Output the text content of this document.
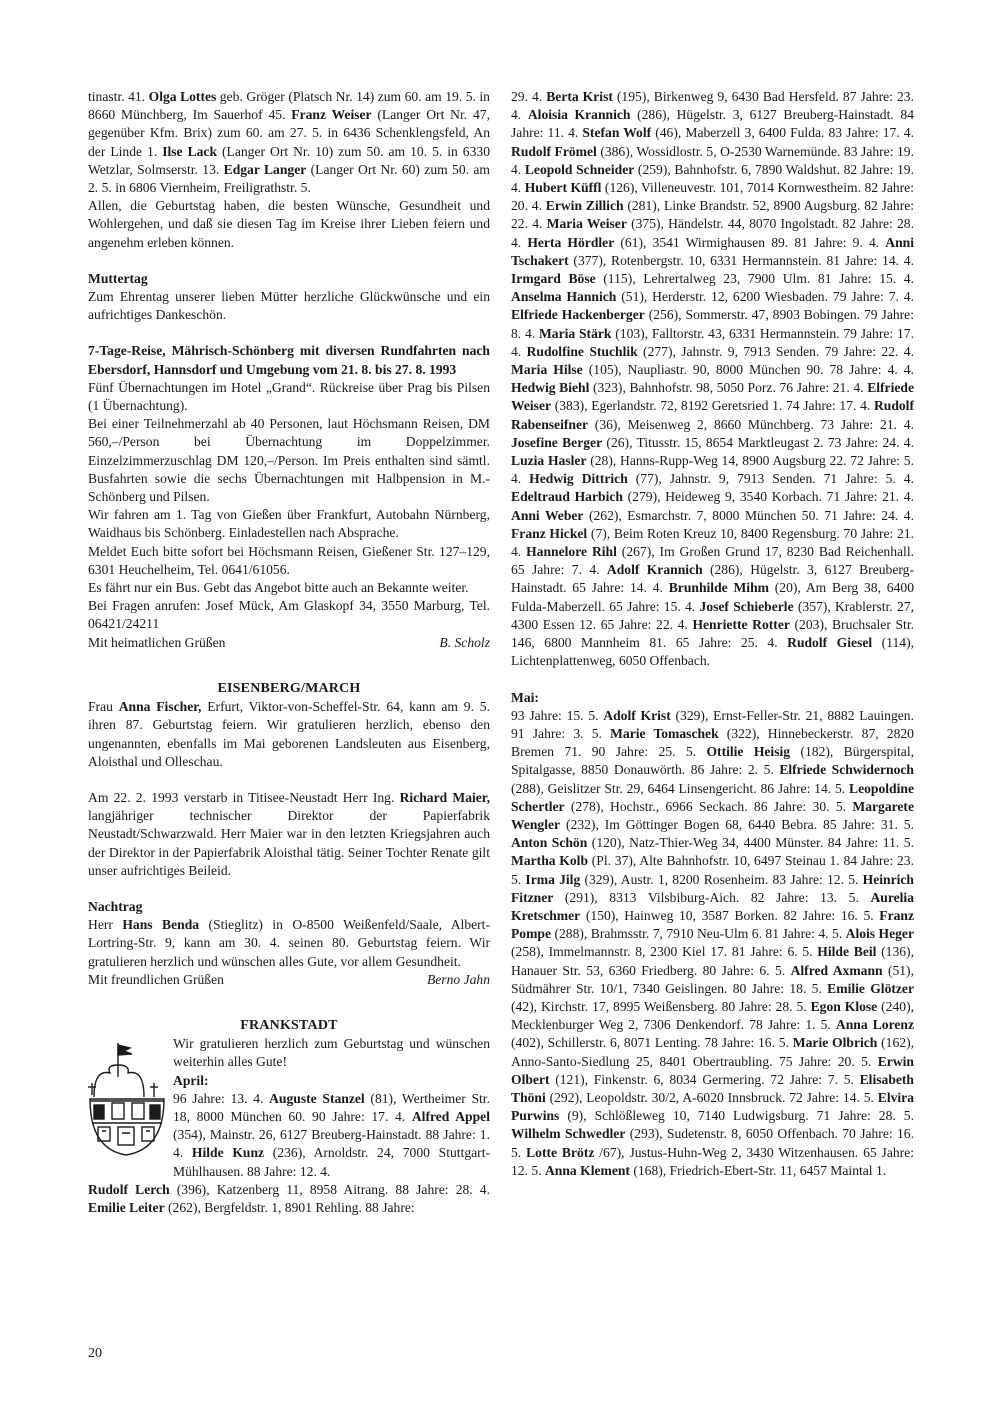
tinastr. 41. Olga Lottes geb. Gröger (Platsch Nr. 14) zum 60. am 19. 5. in 8660 Münchberg, Im Sauerhof 45. Franz Weiser (Langer Ort Nr. 47, gegenüber Kfm. Brix) zum 60. am 27. 5. in 6436 Schenklengsfeld, An der Linde 1. Ilse Lack (Langer Ort Nr. 10) zum 50. am 10. 5. in 6330 Wetzlar, Solmserstr. 13. Edgar Langer (Langer Ort Nr. 60) zum 50. am 2. 5. in 6806 Viernheim, Freiligrathstr. 5.

Allen, die Geburtstag haben, die besten Wünsche, Gesundheit und Wohlergehen, und daß sie diesen Tag im Kreise ihrer Lieben feiern und angenehm erleben können.

Muttertag

Zum Ehrentag unserer lieben Mütter herzliche Glückwünsche und ein aufrichtiges Dankeschön.

7-Tage-Reise, Mährisch-Schönberg mit diversen Rundfahrten nach Ebersdorf, Hannsdorf und Umgebung vom 21. 8. bis 27. 8. 1993

Fünf Übernachtungen im Hotel „Grand“. Rückreise über Prag bis Pilsen (1 Übernachtung).

Bei einer Teilnehmerzahl ab 40 Personen, laut Höchsmann Reisen, DM 560,–/Person bei Übernachtung im Doppelzimmer. Einzelzimmerzuschlag DM 120,–/Person. Im Preis enthalten sind sämtl. Busfahrten sowie die sechs Übernachtungen mit Halbpension in M.-Schönberg und Pilsen.

Wir fahren am 1. Tag von Gießen über Frankfurt, Autobahn Nürnberg, Waidhaus bis Schönberg. Einladestellen nach Absprache.

Meldet Euch bitte sofort bei Höchsmann Reisen, Gießener Str. 127–129, 6301 Heuchelheim, Tel. 0641/61056.

Es fährt nur ein Bus. Gebt das Angebot bitte auch an Bekannte weiter.

Bei Fragen anrufen: Josef Mück, Am Glaskopf 34, 3550 Marburg, Tel. 06421/24211

Mit heimatlichen Grüßen	B. Scholz

EISENBERG/MARCH

Frau Anna Fischer, Erfurt, Viktor-von-Scheffel-Str. 64, kann am 9. 5. ihren 87. Geburtstag feiern. Wir gratulieren herzlich, ebenso den ungenannten, ebenfalls im Mai geborenen Landsleuten aus Eisenberg, Aloisthal und Olleschau.

Am 22. 2. 1993 verstarb in Titisee-Neustadt Herr Ing. Richard Maier, langjähriger technischer Direktor der Papierfabrik Neustadt/Schwarzwald. Herr Maier war in den letzten Kriegsjahren auch der Direktor in der Papierfabrik Aloisthal tätig. Seiner Tochter Renate gilt unser aufrichtiges Beileid.

Nachtrag

Herr Hans Benda (Stieglitz) in O-8500 Weißenfeld/Saale, Albert-Lortring-Str. 9, kann am 30. 4. seinen 80. Geburtstag feiern. Wir gratulieren herzlich und wünschen alles Gute, vor allem Gesundheit.

Mit freundlichen Grüßen	Berno Jahn

FRANKSTADT

Wir gratulieren herzlich zum Geburtstag und wünschen weiterhin alles Gute!

April:

96 Jahre: 13. 4. Auguste Stanzel (81), Wertheimer Str. 18, 8000 München 60. 90 Jahre: 17. 4. Alfred Appel (354), Mainstr. 26, 6127 Breuberg-Hainstadt. 88 Jahre: 1. 4. Hilde Kunz (236), Arnoldstr. 24, 7000 Stuttgart-Mühlhausen. 88 Jahre: 12. 4.

Rudolf Lerch (396), Katzenberg 11, 8958 Aitrang. 88 Jahre: 28. 4. Emilie Leiter (262), Bergfeldstr. 1, 8901 Rehling. 88 Jahre:

29. 4. Berta Krist (195), Birkenweg 9, 6430 Bad Hersfeld. 87 Jahre: 23. 4. Aloisia Krannich (286), Hügelstr. 3, 6127 Breuberg-Hainstadt. 84 Jahre: 11. 4. Stefan Wolf (46), Maberzell 3, 6400 Fulda. 83 Jahre: 17. 4. Rudolf Frömel (386), Wossidlostr. 5, O-2530 Warnemünde. 83 Jahre: 19. 4. Leopold Schneider (259), Bahnhofstr. 6, 7890 Waldshut. 82 Jahre: 19. 4. Hubert Küffl (126), Villeneuvestr. 101, 7014 Kornwestheim. 82 Jahre: 20. 4. Erwin Zillich (281), Linke Brandstr. 52, 8900 Augsburg. 82 Jahre: 22. 4. Maria Weiser (375), Händelstr. 44, 8070 Ingolstadt. 82 Jahre: 28. 4. Herta Hördler (61), 3541 Wirmighausen 89. 81 Jahre: 9. 4. Anni Tschakert (377), Rotenbergstr. 10, 6331 Hermannstein. 81 Jahre: 14. 4. Irmgard Böse (115), Lehrertalweg 23, 7900 Ulm. 81 Jahre: 15. 4. Anselma Hannich (51), Herderstr. 12, 6200 Wiesbaden. 79 Jahre: 7. 4. Elfriede Hackenberger (256), Sommerstr. 47, 8903 Bobingen. 79 Jahre: 8. 4. Maria Stärk (103), Falltorstr. 43, 6331 Hermannstein. 79 Jahre: 17. 4. Rudolfine Stuchlik (277), Jahnstr. 9, 7913 Senden. 79 Jahre: 22. 4. Maria Hilse (105), Naupliastr. 90, 8000 München 90. 78 Jahre: 4. 4. Hedwig Biehl (323), Bahnhofstr. 98, 5050 Porz. 76 Jahre: 21. 4. Elfriede Weiser (383), Egerlandstr. 72, 8192 Geretsried 1. 74 Jahre: 17. 4. Rudolf Rabenseifner (36), Meisenweg 2, 8660 Münchberg. 73 Jahre: 21. 4. Josefine Berger (26), Titusstr. 15, 8654 Marktleugast 2. 73 Jahre: 24. 4. Luzia Hasler (28), Hanns-Rupp-Weg 14, 8900 Augsburg 22. 72 Jahre: 5. 4. Hedwig Dittrich (77), Jahnstr. 9, 7913 Senden. 71 Jahre: 5. 4. Edeltraud Harbich (279), Heideweg 9, 3540 Korbach. 71 Jahre: 21. 4. Anni Weber (262), Esmarchstr. 7, 8000 München 50. 71 Jahre: 24. 4. Franz Hickel (7), Beim Roten Kreuz 10, 8400 Regensburg. 70 Jahre: 21. 4. Hannelore Rihl (267), Im Großen Grund 17, 8230 Bad Reichenhall. 65 Jahre: 7. 4. Adolf Krannich (286), Hügelstr. 3, 6127 Breuberg-Hainstadt. 65 Jahre: 14. 4. Brunhilde Mihm (20), Am Berg 38, 6400 Fulda-Maberzell. 65 Jahre: 15. 4. Josef Schieberle (357), Krablerstr. 27, 4300 Essen 12. 65 Jahre: 22. 4. Henriette Rotter (203), Bruchsaler Str. 146, 6800 Mannheim 81. 65 Jahre: 25. 4. Rudolf Giesel (114), Lichtenplattenweg, 6050 Offenbach.

Mai:

93 Jahre: 15. 5. Adolf Krist (329), Ernst-Feller-Str. 21, 8882 Lauingen. 91 Jahre: 3. 5. Marie Tomaschek (322), Hinnebeckerstr. 87, 2820 Bremen 71. 90 Jahre: 25. 5. Ottilie Heisig (182), Bürgerspital, Spitalgasse, 8850 Donauwörth. 86 Jahre: 2. 5. Elfriede Schwidernoch (288), Geislitzer Str. 29, 6464 Linsengericht. 86 Jahre: 14. 5. Leopoldine Schertler (278), Hochstr., 6966 Seckach. 86 Jahre: 30. 5. Margarete Wengler (232), Im Göttinger Bogen 68, 6440 Bebra. 85 Jahre: 31. 5. Anton Schön (120), Natz-Thier-Weg 34, 4400 Münster. 84 Jahre: 11. 5. Martha Kolb (Pl. 37), Alte Bahnhofstr. 10, 6497 Steinau 1. 84 Jahre: 23. 5. Irma Jilg (329), Austr. 1, 8200 Rosenheim. 83 Jahre: 12. 5. Heinrich Fitzner (291), 8313 Vilsbiburg-Aich. 82 Jahre: 13. 5. Aurelia Kretschmer (150), Hainweg 10, 3587 Borken. 82 Jahre: 16. 5. Franz Pompe (288), Brahmsstr. 7, 7910 Neu-Ulm 6. 81 Jahre: 4. 5. Alois Heger (258), Immelmannstr. 8, 2300 Kiel 17. 81 Jahre: 6. 5. Hilde Beil (136), Hanauer Str. 53, 6360 Friedberg. 80 Jahre: 6. 5. Alfred Axmann (51), Südmährer Str. 10/1, 7340 Geislingen. 80 Jahre: 18. 5. Emilie Glötzer (42), Kirchstr. 17, 8995 Weißensberg. 80 Jahre: 28. 5. Egon Klose (240), Mecklenburger Weg 2, 7306 Denkendorf. 78 Jahre: 1. 5. Anna Lorenz (402), Schillerstr. 6, 8071 Lenting. 78 Jahre: 16. 5. Marie Olbrich (162), Anno-Santo-Siedlung 25, 8401 Obertraubling. 75 Jahre: 20. 5. Erwin Olbert (121), Finkenstr. 6, 8034 Germering. 72 Jahre: 7. 5. Elisabeth Thöni (292), Leopoldstr. 30/2, A-6020 Innsbruck. 72 Jahre: 14. 5. Elvira Purwins (9), Schlößleweg 10, 7140 Ludwigsburg. 71 Jahre: 28. 5. Wilhelm Schwedler (293), Sudetenstr. 8, 6050 Offenbach. 70 Jahre: 16. 5. Lotte Brötz /67), Justus-Huhn-Weg 2, 3430 Witzenhausen. 65 Jahre: 12. 5. Anna Klement (168), Friedrich-Ebert-Str. 11, 6457 Maintal 1.

20
